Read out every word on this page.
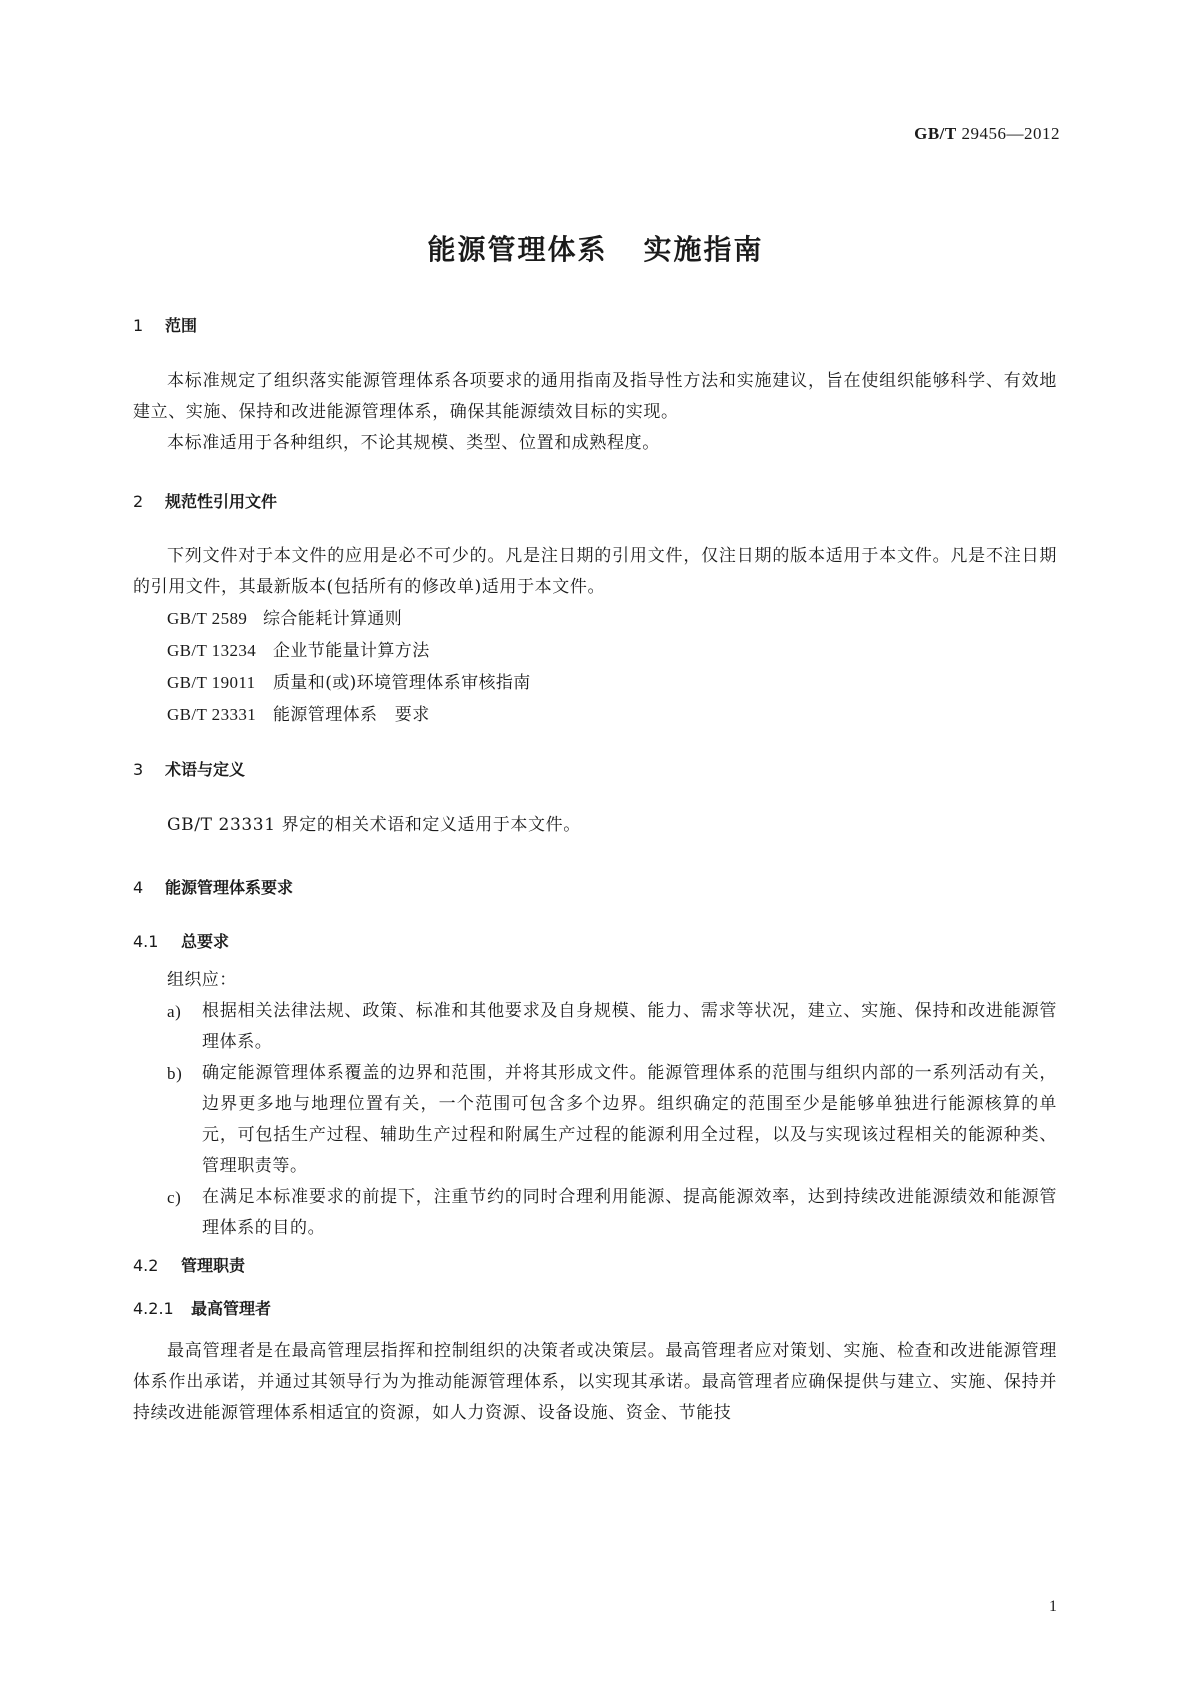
GB/T 29456—2012
能源管理体系 实施指南
1 范围
本标准规定了组织落实能源管理体系各项要求的通用指南及指导性方法和实施建议，旨在使组织能够科学、有效地建立、实施、保持和改进能源管理体系，确保其能源绩效目标的实现。
本标准适用于各种组织，不论其规模、类型、位置和成熟程度。
2 规范性引用文件
下列文件对于本文件的应用是必不可少的。凡是注日期的引用文件，仅注日期的版本适用于本文件。凡是不注日期的引用文件，其最新版本(包括所有的修改单)适用于本文件。
GB/T 2589 综合能耗计算通则
GB/T 13234 企业节能量计算方法
GB/T 19011 质量和(或)环境管理体系审核指南
GB/T 23331 能源管理体系　要求
3 术语与定义
GB/T 23331 界定的相关术语和定义适用于本文件。
4 能源管理体系要求
4.1 总要求
组织应：
a) 根据相关法律法规、政策、标准和其他要求及自身规模、能力、需求等状况，建立、实施、保持和改进能源管理体系。
b) 确定能源管理体系覆盖的边界和范围，并将其形成文件。能源管理体系的范围与组织内部的一系列活动有关，边界更多地与地理位置有关，一个范围可包含多个边界。组织确定的范围至少是能够单独进行能源核算的单元，可包括生产过程、辅助生产过程和附属生产过程的能源利用全过程，以及与实现该过程相关的能源种类、管理职责等。
c) 在满足本标准要求的前提下，注重节约的同时合理利用能源、提高能源效率，达到持续改进能源绩效和能源管理体系的目的。
4.2 管理职责
4.2.1 最高管理者
最高管理者是在最高管理层指挥和控制组织的决策者或决策层。最高管理者应对策划、实施、检查和改进能源管理体系作出承诺，并通过其领导行为为推动能源管理体系，以实现其承诺。最高管理者应确保提供与建立、实施、保持并持续改进能源管理体系相适宜的资源，如人力资源、设备设施、资金、节能技
1
